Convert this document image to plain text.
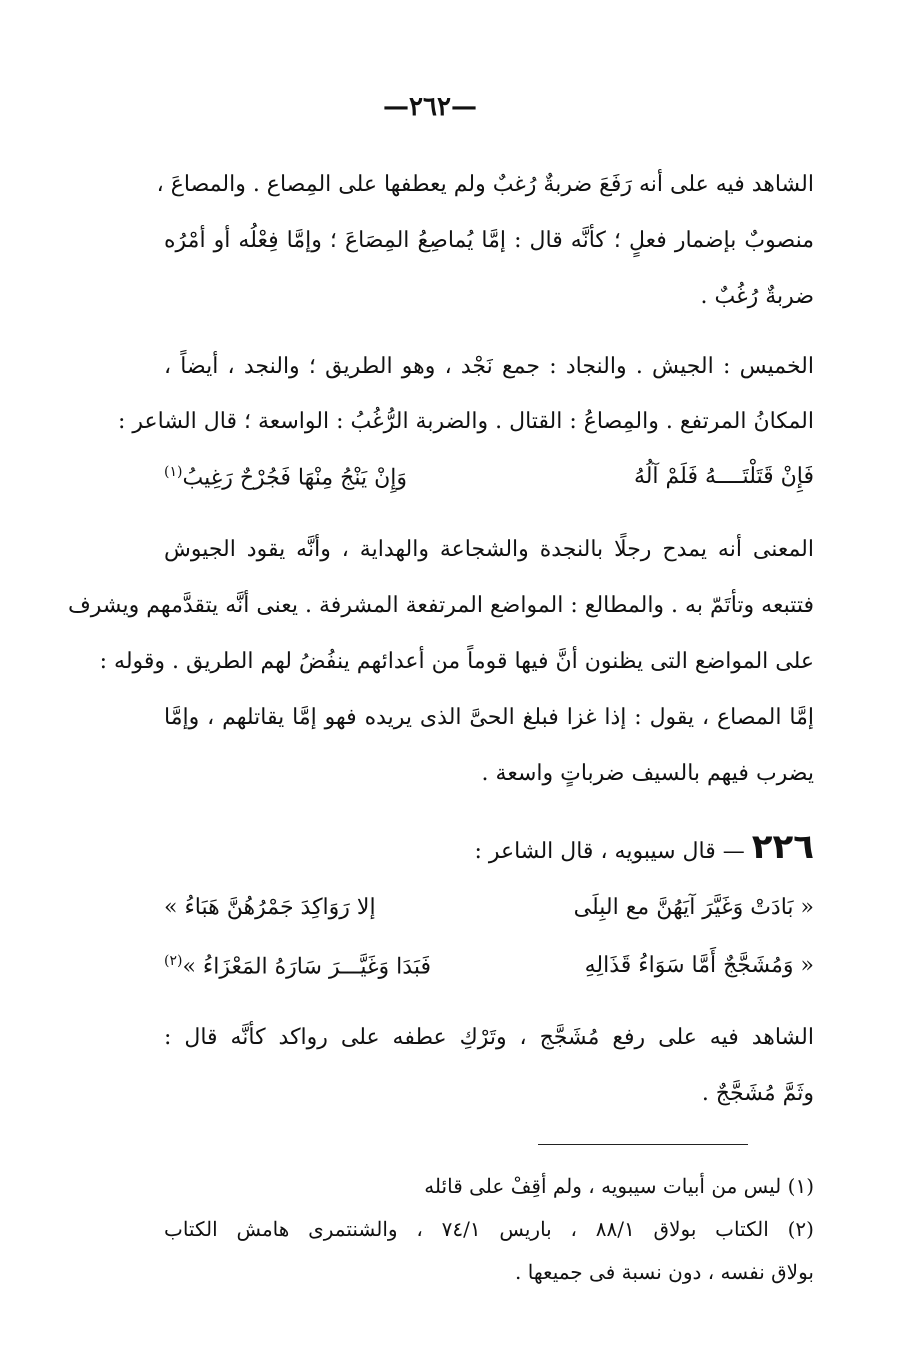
—٢٦٢—
الشاهد فيه على أنه رَفَعَ ضربةٌ رُغبٌ ولم يعطفها على المِصاع . والمصاعَ ،
منصوبٌ بإضمار فعلٍ ؛ كأنَّه قال : إمَّا يُماصِعُ المِصَاعَ ؛ وإمَّا فِعْلُه أو أمْرُه
ضربةٌ رُغُبٌ .
الخميس : الجيش . والنجاد : جمع نَجْد ، وهو الطريق ؛ والنجد ، أيضاً ،
المكانُ المرتفع . والمِصاعُ : القتال . والضربة الرُّغُبُ : الواسعة ؛ قال الشاعر :
فَإِنْ قَتَلْتَــــهُ فَلَمْ آلُهُ
وَإِنْ يَنْجُ مِنْهَا فَجُرْحٌ رَغِيبُ$^{(١)}$
المعنى أنه يمدح رجلًا بالنجدة والشجاعة والهداية ، وأنَّه يقود الجيوش
فتتبعه وتأتَمّ به . والمطالع : المواضع المرتفعة المشرفة . يعنى أنَّه يتقدَّمهم ويشرف
على المواضع التى يظنون أنَّ فيها قوماً من أعدائهم ينفُضُ لهم الطريق . وقوله :
إمَّا المصاع ، يقول : إذا غزا فبلغ الحىَّ الذى يريده فهو إمَّا يقاتلهم ، وإمَّا
يضرب فيهم بالسيف ضرباتٍ واسعة .
٢٢٦ — قال سيبويه ، قال الشاعر :
« بَادَتْ وَغَيَّرَ آيَهُنَّ مع البِلَى
إلا رَوَاكِدَ جَمْرُهُنَّ هَبَاءُ »
« وَمُشَجَّجٌ أَمَّا سَوَاءُ قَذَالِهِ
فَبَدَا وَغَيَّـــرَ سَارَهُ المَعْزَاءُ »$^{(٢)}$
الشاهد فيه على رفع مُشَجَّج ، وتَرْكِ عطفه على رواكد كأنَّه قال :
وثَمَّ مُشَجَّجٌ .
(١) ليس من أبيات سيبويه ، ولم أقِفْ على قائله
(٢) الكتاب بولاق ٨٨/١ ، باريس ٧٤/١ ، والشنتمرى هامش الكتاب
بولاق نفسه ، دون نسبة فى جميعها .
